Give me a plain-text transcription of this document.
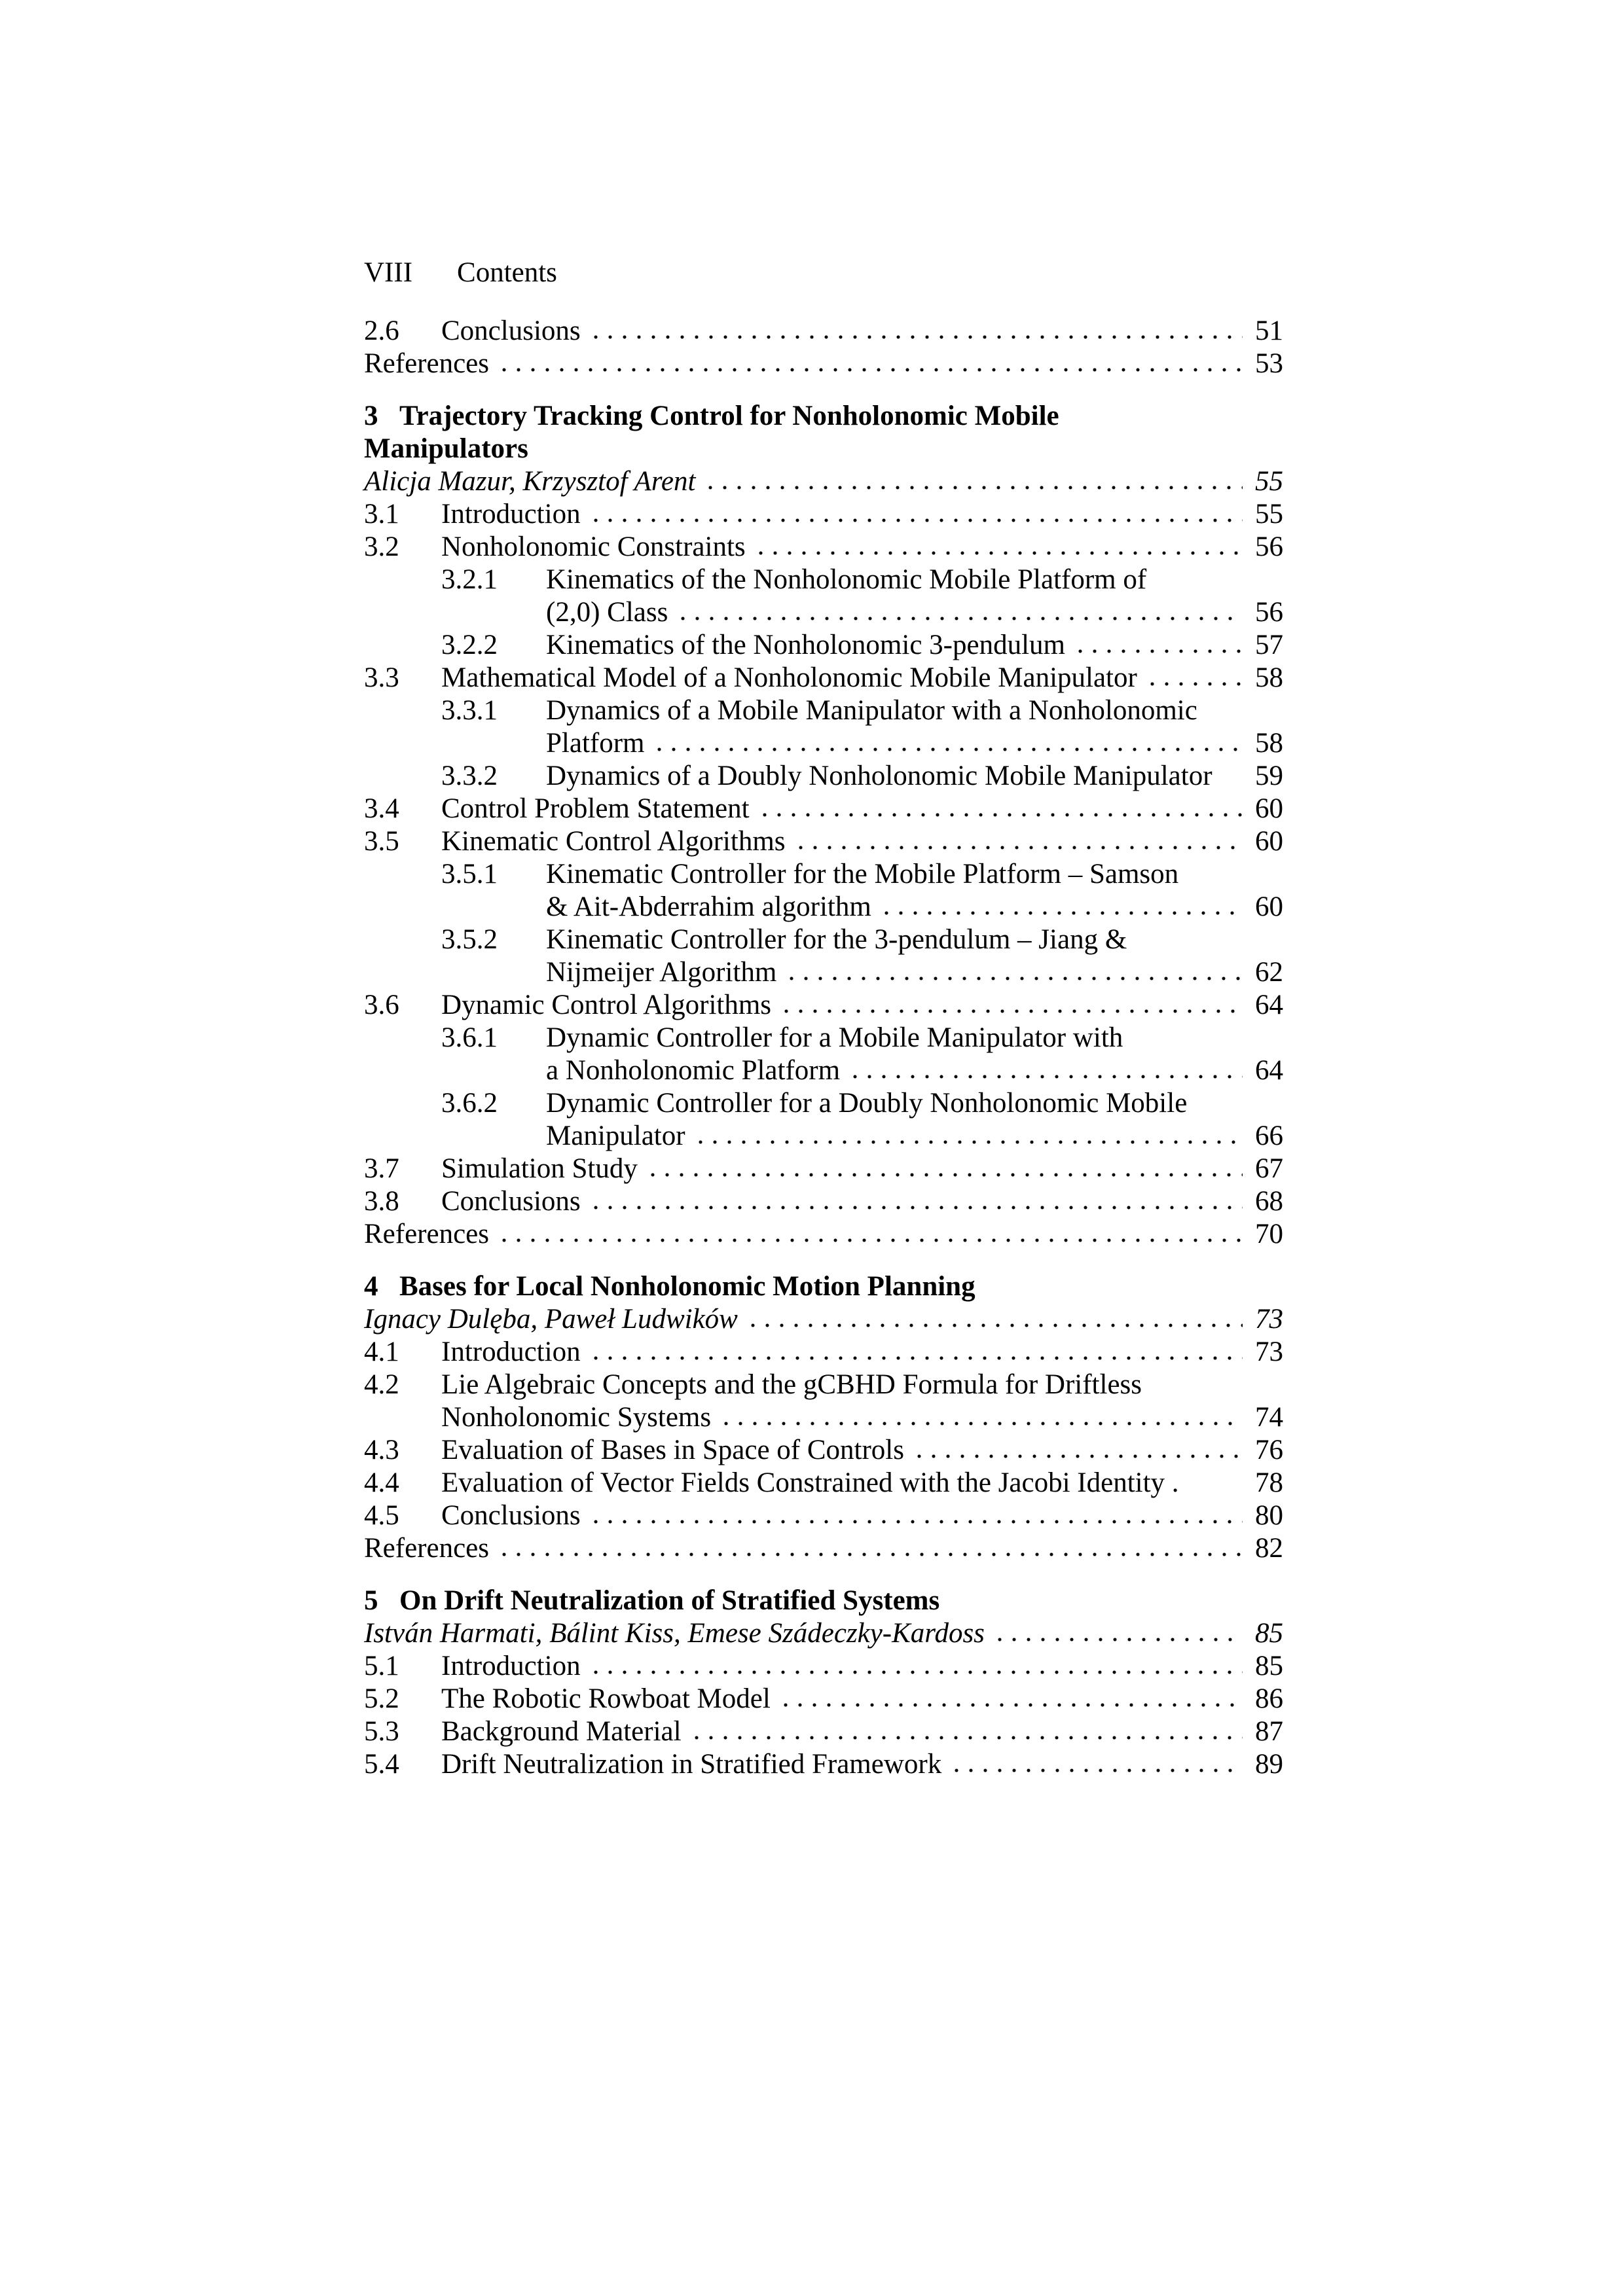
VIII Contents
2.6	Conclusions	51
References	53
3 Trajectory Tracking Control for Nonholonomic Mobile
Manipulators
Alicja Mazur, Krzysztof Arent	55
3.1	Introduction	55
3.2	Nonholonomic Constraints	56
3.2.1	Kinematics of the Nonholonomic Mobile Platform of
(2,0) Class	56
3.2.2	Kinematics of the Nonholonomic 3-pendulum	57
3.3	Mathematical Model of a Nonholonomic Mobile Manipulator	58
3.3.1	Dynamics of a Mobile Manipulator with a Nonholonomic
Platform	58
3.3.2	Dynamics of a Doubly Nonholonomic Mobile Manipulator 59
3.4	Control Problem Statement	60
3.5	Kinematic Control Algorithms	60
3.5.1	Kinematic Controller for the Mobile Platform – Samson
& Ait-Abderrahim algorithm	60
3.5.2	Kinematic Controller for the 3-pendulum – Jiang &
Nijmeijer Algorithm	62
3.6	Dynamic Control Algorithms	64
3.6.1	Dynamic Controller for a Mobile Manipulator with
a Nonholonomic Platform	64
3.6.2	Dynamic Controller for a Doubly Nonholonomic Mobile
Manipulator	66
3.7	Simulation Study	67
3.8	Conclusions	68
References	70
4 Bases for Local Nonholonomic Motion Planning
Ignacy Dulęba, Paweł Ludwików	73
4.1	Introduction	73
4.2	Lie Algebraic Concepts and the gCBHD Formula for Driftless
Nonholonomic Systems	74
4.3	Evaluation of Bases in Space of Controls	76
4.4	Evaluation of Vector Fields Constrained with the Jacobi Identity .	78
4.5	Conclusions	80
References	82
5 On Drift Neutralization of Stratified Systems
István Harmati, Bálint Kiss, Emese Szádeczky-Kardoss	85
5.1	Introduction	85
5.2	The Robotic Rowboat Model	86
5.3	Background Material	87
5.4	Drift Neutralization in Stratified Framework	89
